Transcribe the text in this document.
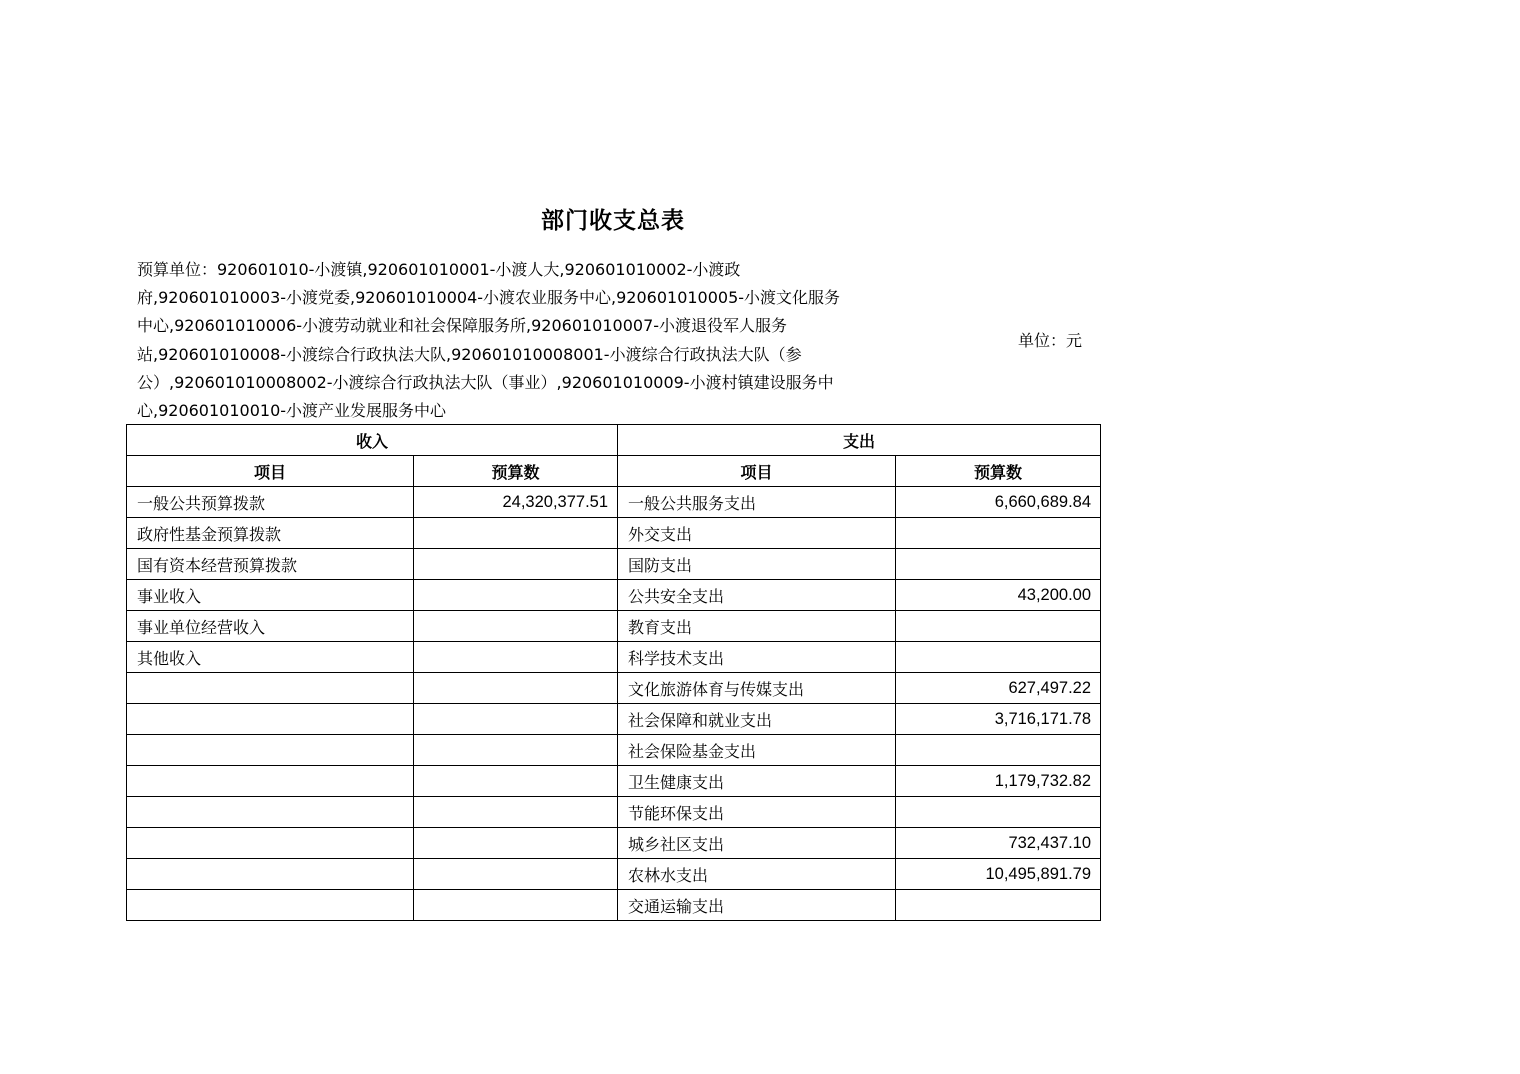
部门收支总表
预算单位：920601010-小渡镇,920601010001-小渡人大,920601010002-小渡政
府,920601010003-小渡党委,920601010004-小渡农业服务中心,920601010005-小渡文化服务
中心,920601010006-小渡劳动就业和社会保障服务所,920601010007-小渡退役军人服务
站,920601010008-小渡综合行政执法大队,920601010008001-小渡综合行政执法大队（参
公）,920601010008002-小渡综合行政执法大队（事业）,920601010009-小渡村镇建设服务中
心,920601010010-小渡产业发展服务中心
单位：元
收入		支出	
项目	预算数	项目	预算数
一般公共预算拨款	24,320,377.51	一般公共服务支出	6,660,689.84
政府性基金预算拨款		外交支出	
国有资本经营预算拨款		国防支出	
事业收入		公共安全支出	43,200.00
事业单位经营收入		教育支出	
其他收入		科学技术支出	
		文化旅游体育与传媒支出	627,497.22
		社会保障和就业支出	3,716,171.78
		社会保险基金支出	
		卫生健康支出	1,179,732.82
		节能环保支出	
		城乡社区支出	732,437.10
		农林水支出	10,495,891.79
		交通运输支出	
